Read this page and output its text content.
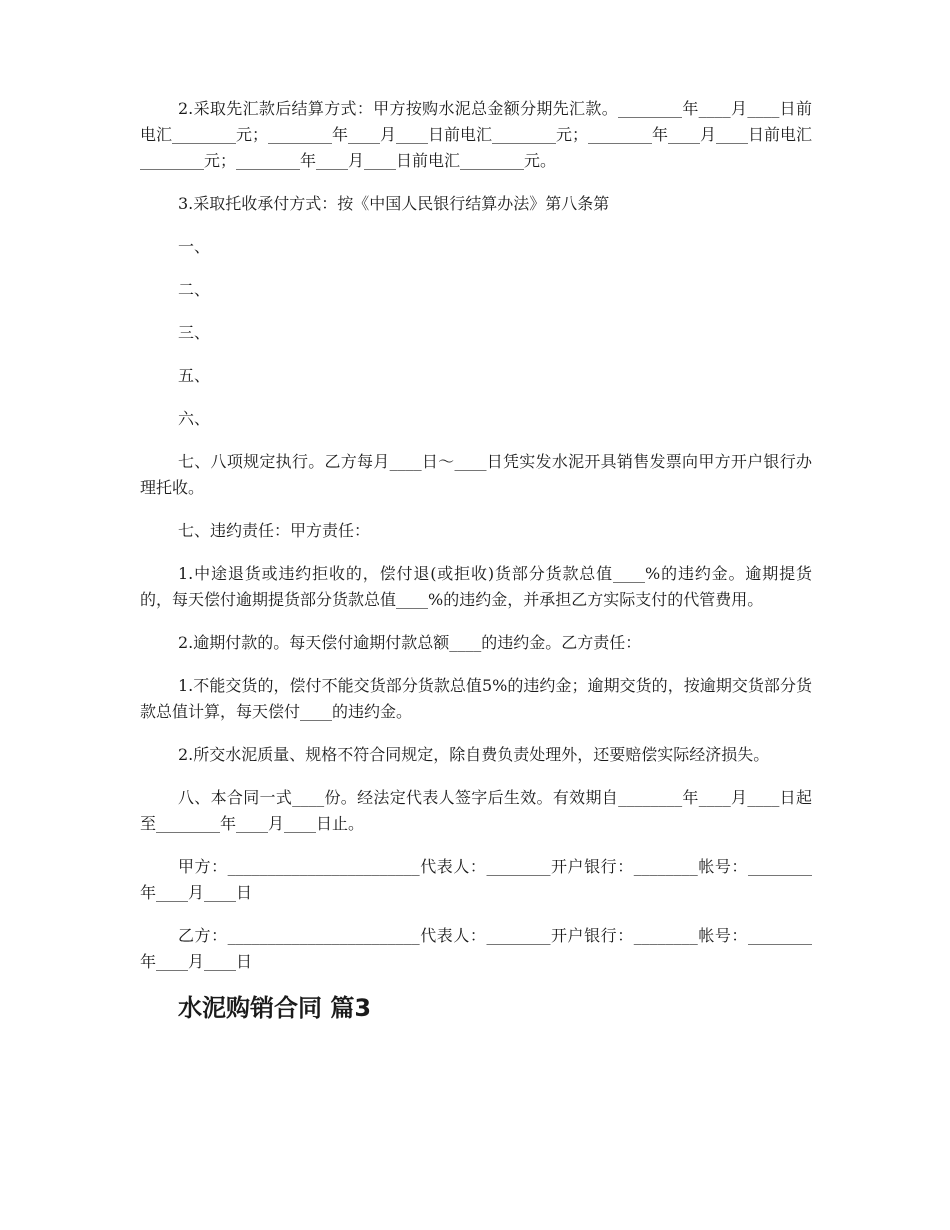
2.采取先汇款后结算方式：甲方按购水泥总金额分期先汇款。________年____月____日前电汇________元；________年____月____日前电汇________元；________年____月____日前电汇________元；________年____月____日前电汇________元。

3.采取托收承付方式：按《中国人民银行结算办法》第八条第

一、

二、

三、

五、

六、

七、八项规定执行。乙方每月____日～____日凭实发水泥开具销售发票向甲方开户银行办理托收。

七、违约责任：甲方责任：

1.中途退货或违约拒收的，偿付退(或拒收)货部分货款总值____%的违约金。逾期提货的，每天偿付逾期提货部分货款总值____%的违约金，并承担乙方实际支付的代管费用。

2.逾期付款的。每天偿付逾期付款总额____的违约金。乙方责任：

1.不能交货的，偿付不能交货部分货款总值5%的违约金；逾期交货的，按逾期交货部分货款总值计算，每天偿付____的违约金。

2.所交水泥质量、规格不符合同规定，除自费负责处理外，还要赔偿实际经济损失。

八、本合同一式____份。经法定代表人签字后生效。有效期自________年____月____日起至________年____月____日止。

甲方：________________________代表人：________开户银行：________帐号：________年____月____日

乙方：________________________代表人：________开户银行：________帐号：________年____月____日

水泥购销合同 篇3
